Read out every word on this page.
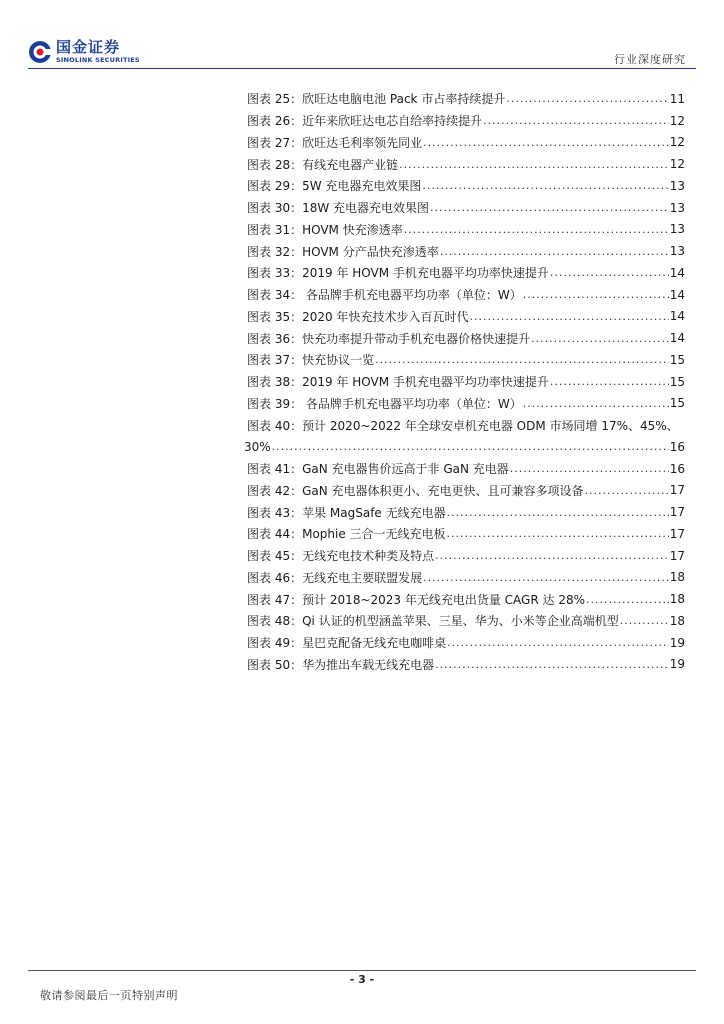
国金证券
SINOLINK SECURITIES	行业深度研究
图表 25：欣旺达电脑电池 Pack 市占率持续提升 .....	11
图表 26：近年来欣旺达电芯自给率持续提升 .....	12
图表 27：欣旺达毛利率领先同业 .....	12
图表 28：有线充电器产业链 .....	12
图表 29：5W 充电器充电效果图 .....	13
图表 30：18W 充电器充电效果图 .....	13
图表 31：HOVM 快充渗透率 .....	13
图表 32：HOVM 分产品快充渗透率 .....	13
图表 33：2019 年 HOVM 手机充电器平均功率快速提升 .....	14
图表 34： 各品牌手机充电器平均功率（单位：W） .....	14
图表 35：2020 年快充技术步入百瓦时代 .....	14
图表 36：快充功率提升带动手机充电器价格快速提升 .....	14
图表 37：快充协议一览 .....	15
图表 38：2019 年 HOVM 手机充电器平均功率快速提升 .....	15
图表 39： 各品牌手机充电器平均功率（单位：W） .....	15
图表 40： 预计 2020~2022 年全球安卓机充电器 ODM 市场同增 17%、45%、
30% .....	16
图表 41：GaN 充电器售价远高于非 GaN 充电器 .....	16
图表 42：GaN 充电器体积更小、充电更快、且可兼容多项设备 .....	17
图表 43：苹果 MagSafe 无线充电器 .....	17
图表 44：Mophie 三合一无线充电板 .....	17
图表 45：无线充电技术种类及特点 .....	17
图表 46：无线充电主要联盟发展 .....	18
图表 47：预计 2018~2023 年无线充电出货量 CAGR 达 28% .....	18
图表 48：Qi 认证的机型涵盖苹果、三星、华为、小米等企业高端机型 .....	18
图表 49：星巴克配备无线充电咖啡桌 .....	19
图表 50：华为推出车载无线充电器 .....	19
- 3 -
敬请参阅最后一页特别声明
